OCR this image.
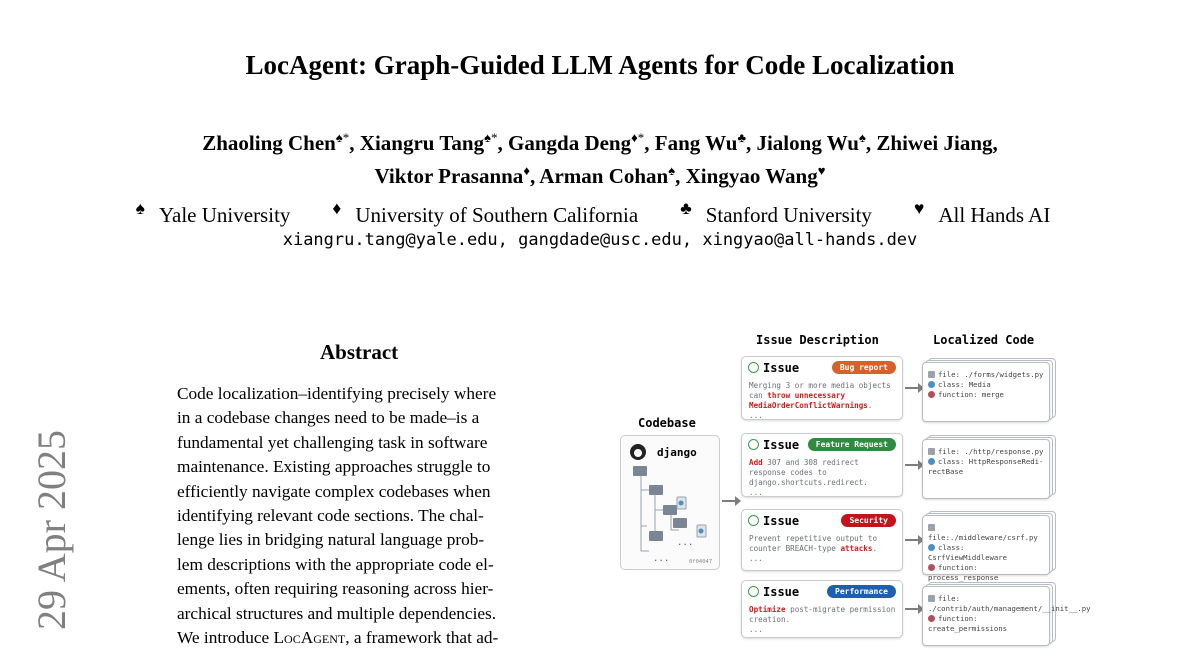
LocAgent: Graph-Guided LLM Agents for Code Localization
Zhaoling Chen♠*, Xiangru Tang♠*, Gangda Deng♦*, Fang Wu♣, Jialong Wu♠, Zhiwei Jiang,
Viktor Prasanna♦, Arman Cohan♠, Xingyao Wang♥
♠ Yale University ♦ University of Southern California ♣ Stanford University ♥ All Hands AI
xiangru.tang@yale.edu, gangdade@usc.edu, xingyao@all-hands.dev
29 Apr 2025
Abstract
Code localization–identifying precisely where
in a codebase changes need to be made–is a
fundamental yet challenging task in software
maintenance. Existing approaches struggle to
efficiently navigate complex codebases when
identifying relevant code sections. The chal-
lenge lies in bridging natural language prob-
lem descriptions with the appropriate code el-
ements, often requiring reasoning across hier-
archical structures and multiple dependencies.
We introduce LocAgent, a framework that ad-
Issue Description	Localized Code
Codebase
django
...
...	0f04047
Issue	Bug report
Merging 3 or more media objects can throw unnecessary MediaOrderConflictWarnings.
...
file: ./forms/widgets.py
class: Media
function: merge
Issue	Feature Request
Add 307 and 308 redirect response codes to django.shortcuts.redirect.
...
file: ./http/response.py
class: HttpResponseRedi-rectBase
Issue	Security
Prevent repetitive output to counter BREACH-type attacks.
...
file:./middleware/csrf.py
class: CsrfViewMiddleware
function: process_response
Issue	Performance
Optimize post-migrate permission creation.
...
file: ./contrib/auth/management/__init__.py
function: create_permissions
